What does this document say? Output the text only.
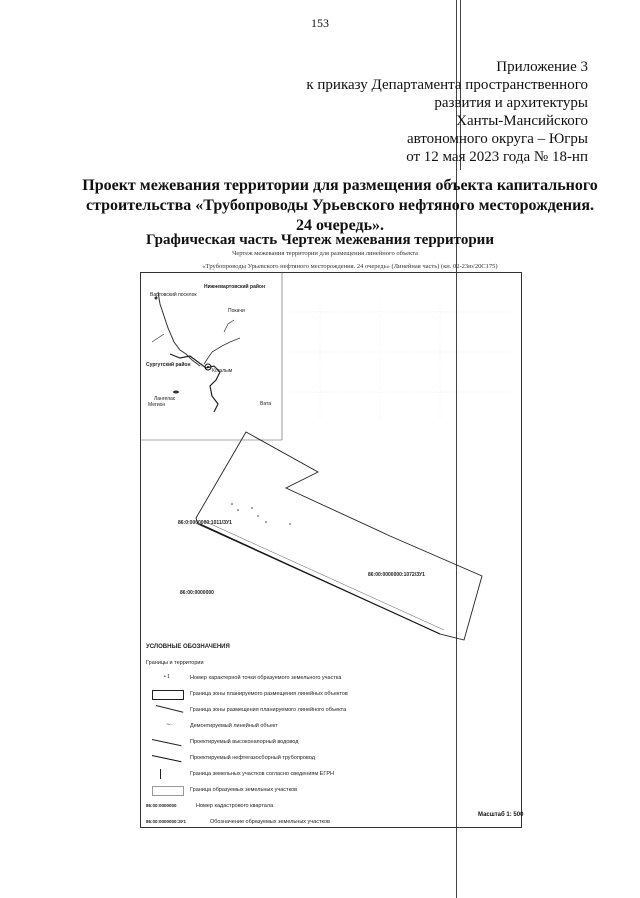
153
Приложение 3
к приказу Департамента пространственного
развития и архитектуры
Ханты-Мансийского
автономного округа – Югры
от 12 мая 2023 года № 18-нп
Проект межевания территории для размещения объекта капитального
строительства «Трубопроводы Урьевского нефтяного месторождения.
24 очередь».
Графическая часть Чертеж межевания территории
Чертеж межевания территории для размещения линейного объекта
«Трубопроводы Урьевского нефтяного месторождения. 24 очередь» (Линейная часть) (кн. 02-23ю/20С175)
Нижневартовский район
Вартовский поселок
Покачи
Сургутский район
Когалым
Лангепас
Мегион	Вата
86:0:0000000:1011/ЗУ1
86:00:0000000:1072/ЗУ1
86:00:0000000
УСЛОВНЫЕ ОБОЗНАЧЕНИЯ
Границы и территории
• 1	Номер характерной точки образуемого земельного участка
Граница зоны планируемого размещения линейных объектов
Граница зоны размещения планируемого линейного объекта
∼·	Демонтируемый линейный объект
Проектируемый высоконапорный водовод
Проектируемый нефтегазосборный трубопровод
Граница земельных участков согласно сведениям ЕГРН
Граница образуемых земельных участков
86:00:0000000	Номер кадастрового квартала
86:00:0000000:ЗУ1	Обозначение образуемых земельных участков
Масштаб 1: 500
